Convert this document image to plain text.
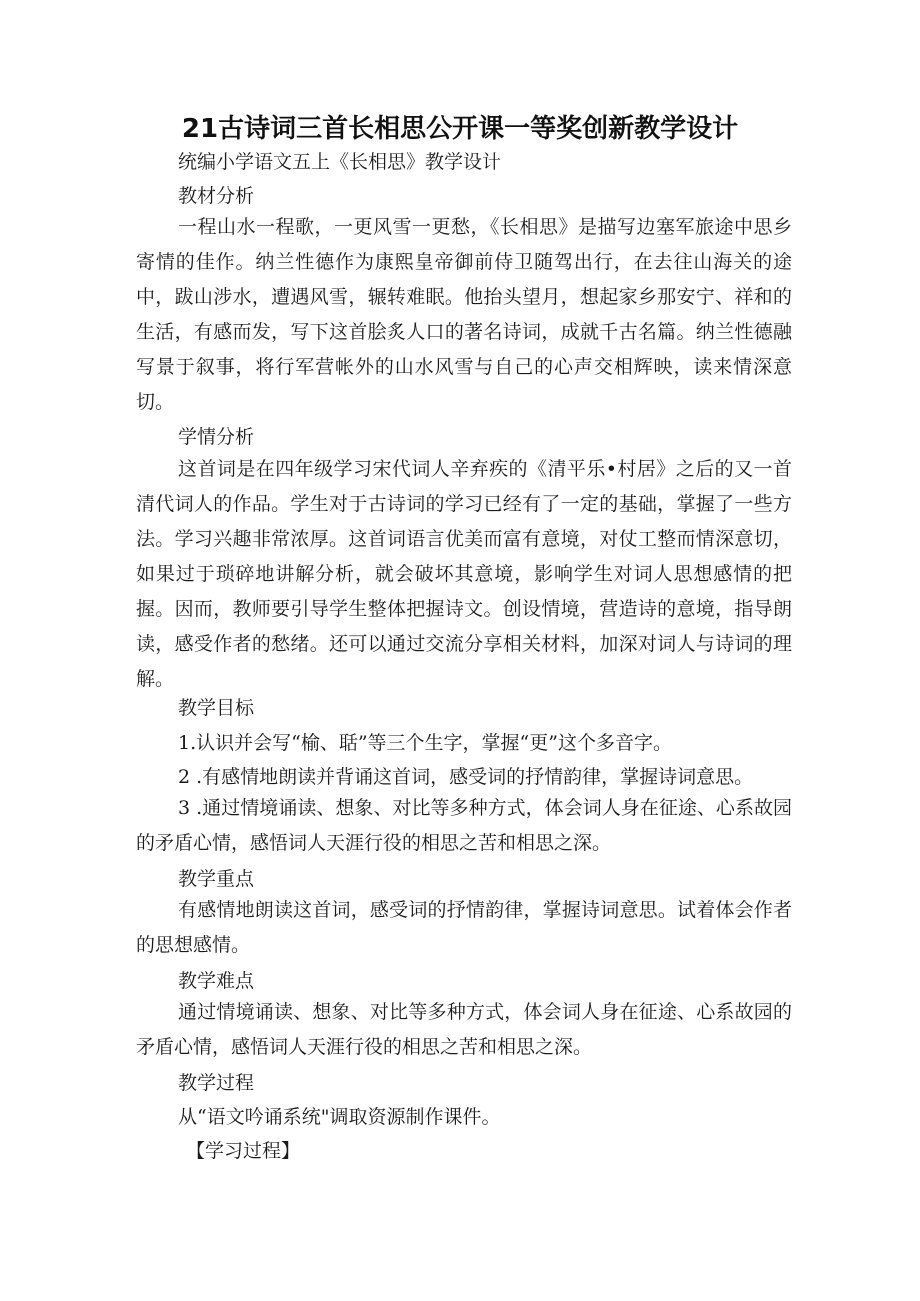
21古诗词三首长相思公开课一等奖创新教学设计
统编小学语文五上《长相思》教学设计
教材分析
一程山水一程歌，一更风雪一更愁，《长相思》是描写边塞军旅途中思乡寄情的佳作。纳兰性德作为康熙皇帝御前侍卫随驾出行，在去往山海关的途中，跋山涉水，遭遇风雪，辗转难眠。他抬头望月，想起家乡那安宁、祥和的生活，有感而发，写下这首脍炙人口的著名诗词，成就千古名篇。纳兰性德融写景于叙事，将行军营帐外的山水风雪与自己的心声交相辉映，读来情深意切。
学情分析
这首词是在四年级学习宋代词人辛弃疾的《清平乐•村居》之后的又一首清代词人的作品。学生对于古诗词的学习已经有了一定的基础，掌握了一些方法。学习兴趣非常浓厚。这首词语言优美而富有意境，对仗工整而情深意切，如果过于琐碎地讲解分析，就会破坏其意境，影响学生对词人思想感情的把握。因而，教师要引导学生整体把握诗文。创设情境，营造诗的意境，指导朗读，感受作者的愁绪。还可以通过交流分享相关材料，加深对词人与诗词的理解。
教学目标
1.认识并会写“榆、聒”等三个生字，掌握“更”这个多音字。
2 .有感情地朗读并背诵这首词，感受词的抒情韵律，掌握诗词意思。
3 .通过情境诵读、想象、对比等多种方式，体会词人身在征途、心系故园的矛盾心情，感悟词人天涯行役的相思之苦和相思之深。
教学重点
有感情地朗读这首词，感受词的抒情韵律，掌握诗词意思。试着体会作者的思想感情。
教学难点
通过情境诵读、想象、对比等多种方式，体会词人身在征途、心系故园的矛盾心情，感悟词人天涯行役的相思之苦和相思之深。
教学过程
从“语文吟诵系统"调取资源制作课件。
【学习过程】
